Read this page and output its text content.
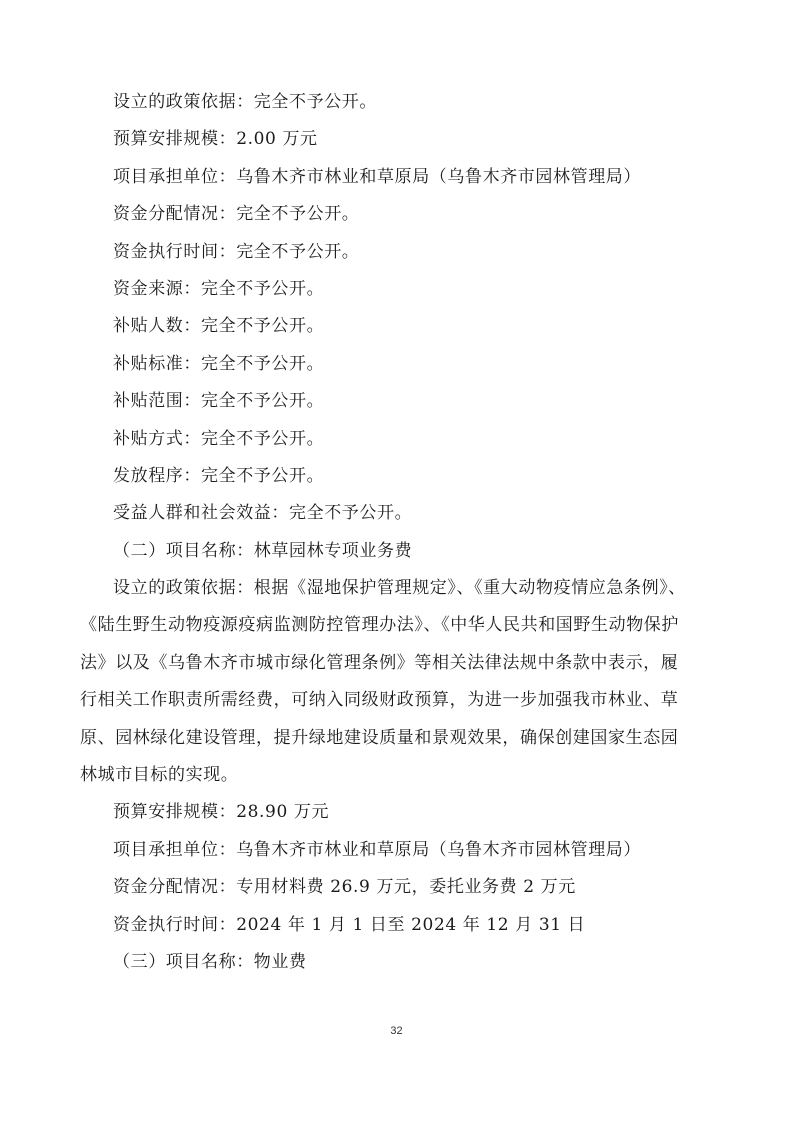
设立的政策依据：完全不予公开。
预算安排规模：2.00 万元
项目承担单位：乌鲁木齐市林业和草原局（乌鲁木齐市园林管理局）
资金分配情况：完全不予公开。
资金执行时间：完全不予公开。
资金来源：完全不予公开。
补贴人数：完全不予公开。
补贴标准：完全不予公开。
补贴范围：完全不予公开。
补贴方式：完全不予公开。
发放程序：完全不予公开。
受益人群和社会效益：完全不予公开。
（二）项目名称：林草园林专项业务费
设立的政策依据：根据《湿地保护管理规定》、《重大动物疫情应急条例》、
《陆生野生动物疫源疫病监测防控管理办法》、《中华人民共和国野生动物保护
法》以及《乌鲁木齐市城市绿化管理条例》等相关法律法规中条款中表示，履
行相关工作职责所需经费，可纳入同级财政预算，为进一步加强我市林业、草
原、园林绿化建设管理，提升绿地建设质量和景观效果，确保创建国家生态园
林城市目标的实现。
预算安排规模：28.90 万元
项目承担单位：乌鲁木齐市林业和草原局（乌鲁木齐市园林管理局）
资金分配情况：专用材料费 26.9 万元，委托业务费 2 万元
资金执行时间：2024 年 1 月 1 日至 2024 年 12 月 31 日
（三）项目名称：物业费
32
